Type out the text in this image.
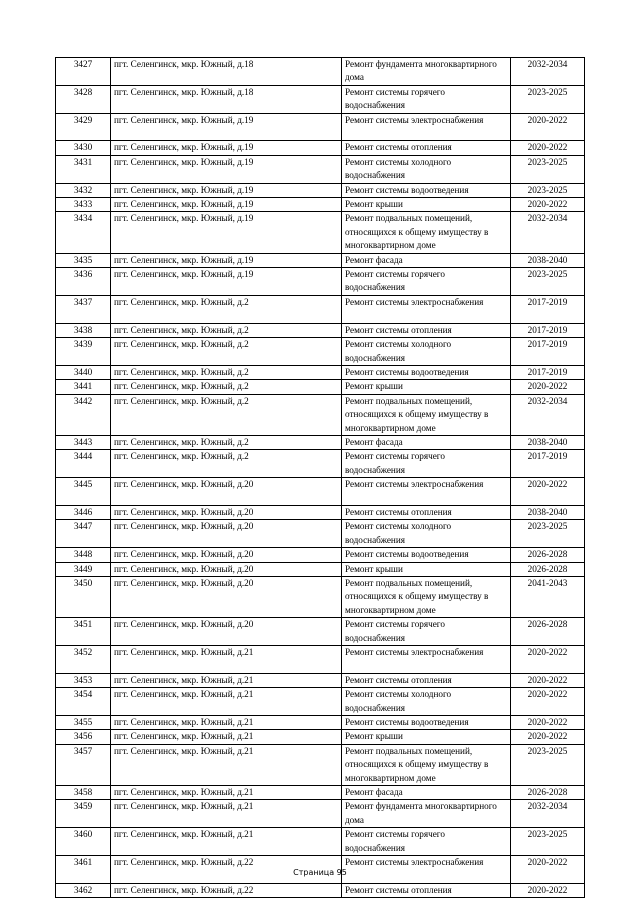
3427	пгт. Селенгинск, мкр. Южный, д.18	Ремонт фундамента многоквартирного дома	2032-2034
3428	пгт. Селенгинск, мкр. Южный, д.18	Ремонт системы горячего водоснабжения	2023-2025
3429	пгт. Селенгинск, мкр. Южный, д.19	Ремонт системы электроснабжения	2020-2022
3430	пгт. Селенгинск, мкр. Южный, д.19	Ремонт системы отопления	2020-2022
3431	пгт. Селенгинск, мкр. Южный, д.19	Ремонт системы холодного водоснабжения	2023-2025
3432	пгт. Селенгинск, мкр. Южный, д.19	Ремонт системы водоотведения	2023-2025
3433	пгт. Селенгинск, мкр. Южный, д.19	Ремонт крыши	2020-2022
3434	пгт. Селенгинск, мкр. Южный, д.19	Ремонт подвальных помещений, относящихся к общему имуществу в многоквартирном доме	2032-2034
3435	пгт. Селенгинск, мкр. Южный, д.19	Ремонт фасада	2038-2040
3436	пгт. Селенгинск, мкр. Южный, д.19	Ремонт системы горячего водоснабжения	2023-2025
3437	пгт. Селенгинск, мкр. Южный, д.2	Ремонт системы электроснабжения	2017-2019
3438	пгт. Селенгинск, мкр. Южный, д.2	Ремонт системы отопления	2017-2019
3439	пгт. Селенгинск, мкр. Южный, д.2	Ремонт системы холодного водоснабжения	2017-2019
3440	пгт. Селенгинск, мкр. Южный, д.2	Ремонт системы водоотведения	2017-2019
3441	пгт. Селенгинск, мкр. Южный, д.2	Ремонт крыши	2020-2022
3442	пгт. Селенгинск, мкр. Южный, д.2	Ремонт подвальных помещений, относящихся к общему имуществу в многоквартирном доме	2032-2034
3443	пгт. Селенгинск, мкр. Южный, д.2	Ремонт фасада	2038-2040
3444	пгт. Селенгинск, мкр. Южный, д.2	Ремонт системы горячего водоснабжения	2017-2019
3445	пгт. Селенгинск, мкр. Южный, д.20	Ремонт системы электроснабжения	2020-2022
3446	пгт. Селенгинск, мкр. Южный, д.20	Ремонт системы отопления	2038-2040
3447	пгт. Селенгинск, мкр. Южный, д.20	Ремонт системы холодного водоснабжения	2023-2025
3448	пгт. Селенгинск, мкр. Южный, д.20	Ремонт системы водоотведения	2026-2028
3449	пгт. Селенгинск, мкр. Южный, д.20	Ремонт крыши	2026-2028
3450	пгт. Селенгинск, мкр. Южный, д.20	Ремонт подвальных помещений, относящихся к общему имуществу в многоквартирном доме	2041-2043
3451	пгт. Селенгинск, мкр. Южный, д.20	Ремонт системы горячего водоснабжения	2026-2028
3452	пгт. Селенгинск, мкр. Южный, д.21	Ремонт системы электроснабжения	2020-2022
3453	пгт. Селенгинск, мкр. Южный, д.21	Ремонт системы отопления	2020-2022
3454	пгт. Селенгинск, мкр. Южный, д.21	Ремонт системы холодного водоснабжения	2020-2022
3455	пгт. Селенгинск, мкр. Южный, д.21	Ремонт системы водоотведения	2020-2022
3456	пгт. Селенгинск, мкр. Южный, д.21	Ремонт крыши	2020-2022
3457	пгт. Селенгинск, мкр. Южный, д.21	Ремонт подвальных помещений, относящихся к общему имуществу в многоквартирном доме	2023-2025
3458	пгт. Селенгинск, мкр. Южный, д.21	Ремонт фасада	2026-2028
3459	пгт. Селенгинск, мкр. Южный, д.21	Ремонт фундамента многоквартирного дома	2032-2034
3460	пгт. Селенгинск, мкр. Южный, д.21	Ремонт системы горячего водоснабжения	2023-2025
3461	пгт. Селенгинск, мкр. Южный, д.22	Ремонт системы электроснабжения	2020-2022
3462	пгт. Селенгинск, мкр. Южный, д.22	Ремонт системы отопления	2020-2022
Страница 95
